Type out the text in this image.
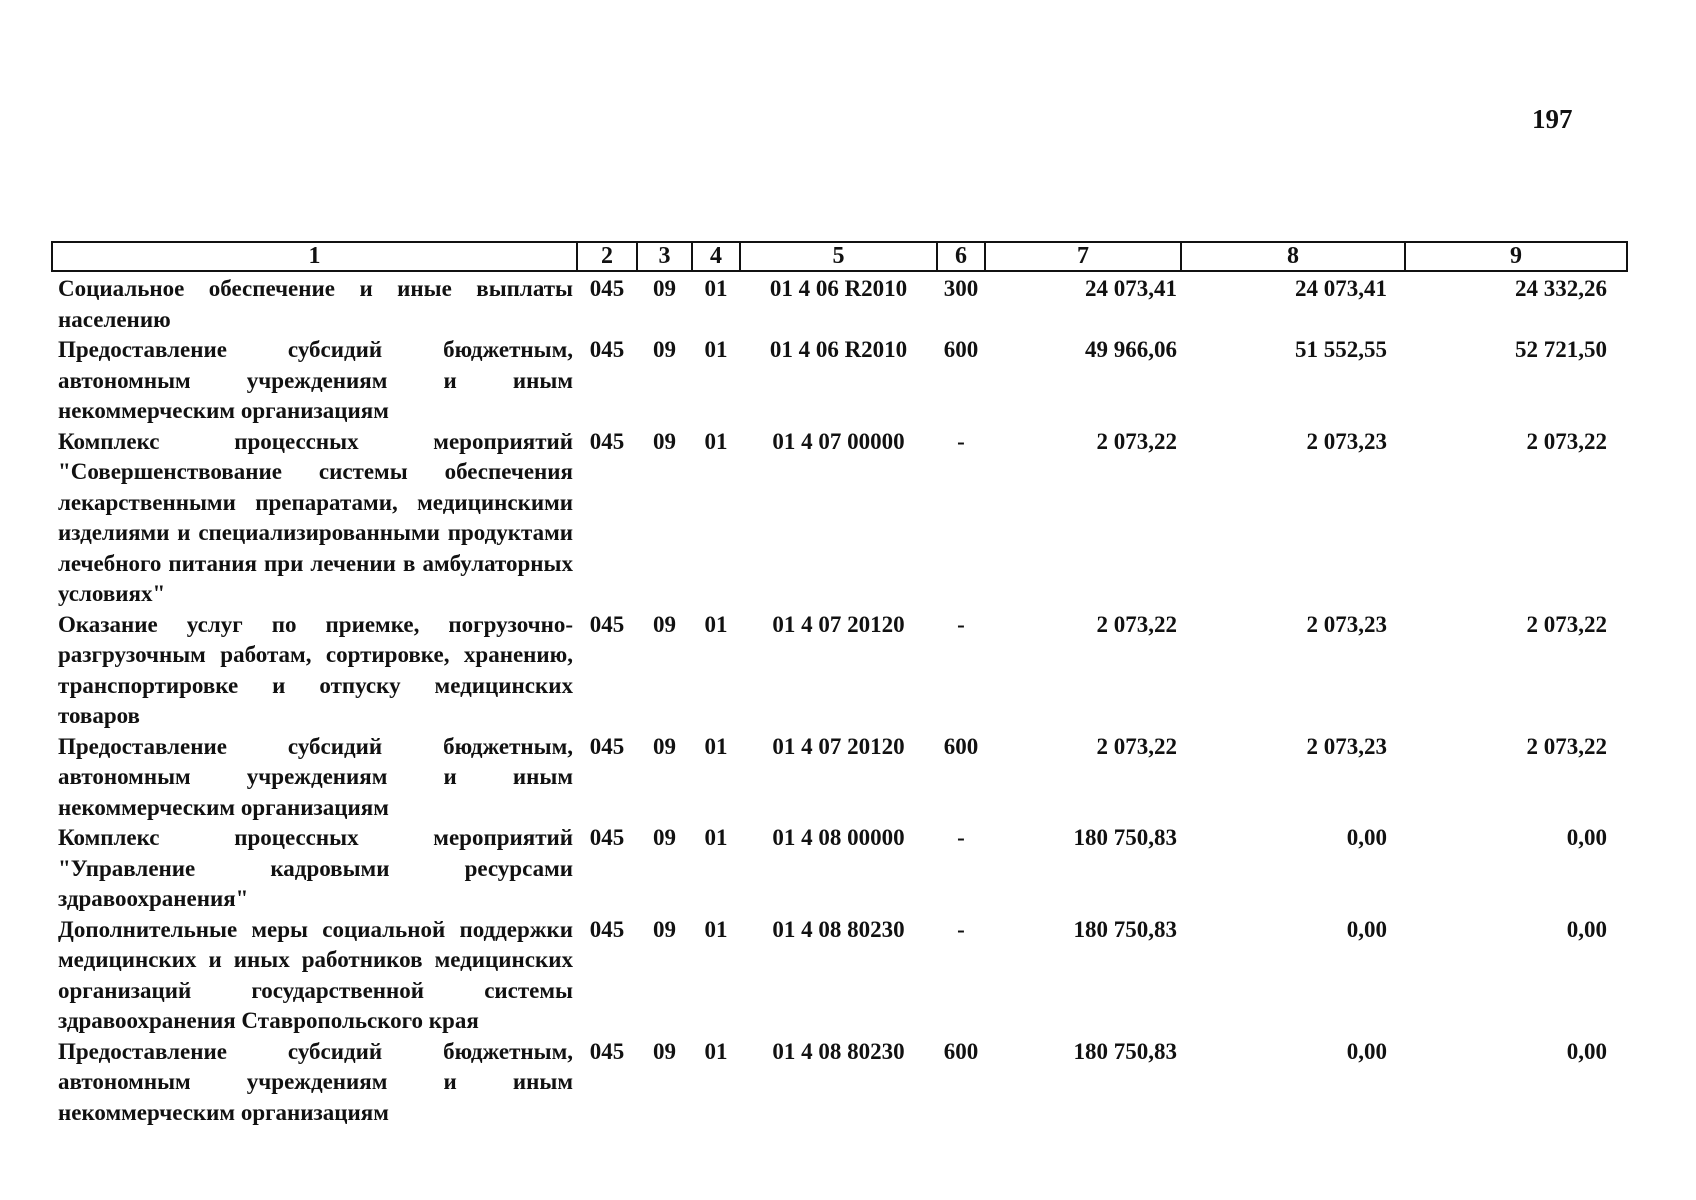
197
1	2	3	4	5	6	7	8	9
Социальное обеспечение и иные выплаты населению	045	09	01	01 4 06 R2010	300	24 073,41	24 073,41	24 332,26
Предоставление субсидий бюджетным, автономным учреждениям и иным некоммерческим организациям	045	09	01	01 4 06 R2010	600	49 966,06	51 552,55	52 721,50
Комплекс процессных мероприятий "Совершенствование системы обеспечения лекарственными препаратами, медицинскими изделиями и специализированными продуктами лечебного питания при лечении в амбулаторных условиях"	045	09	01	01 4 07 00000	-	2 073,22	2 073,23	2 073,22
Оказание услуг по приемке, погрузочно-разгрузочным работам, сортировке, хранению, транспортировке и отпуску медицинских товаров	045	09	01	01 4 07 20120	-	2 073,22	2 073,23	2 073,22
Предоставление субсидий бюджетным, автономным учреждениям и иным некоммерческим организациям	045	09	01	01 4 07 20120	600	2 073,22	2 073,23	2 073,22
Комплекс процессных мероприятий "Управление кадровыми ресурсами здравоохранения"	045	09	01	01 4 08 00000	-	180 750,83	0,00	0,00
Дополнительные меры социальной поддержки медицинских и иных работников медицинских организаций государственной системы здравоохранения Ставропольского края	045	09	01	01 4 08 80230	-	180 750,83	0,00	0,00
Предоставление субсидий бюджетным, автономным учреждениям и иным некоммерческим организациям	045	09	01	01 4 08 80230	600	180 750,83	0,00	0,00
